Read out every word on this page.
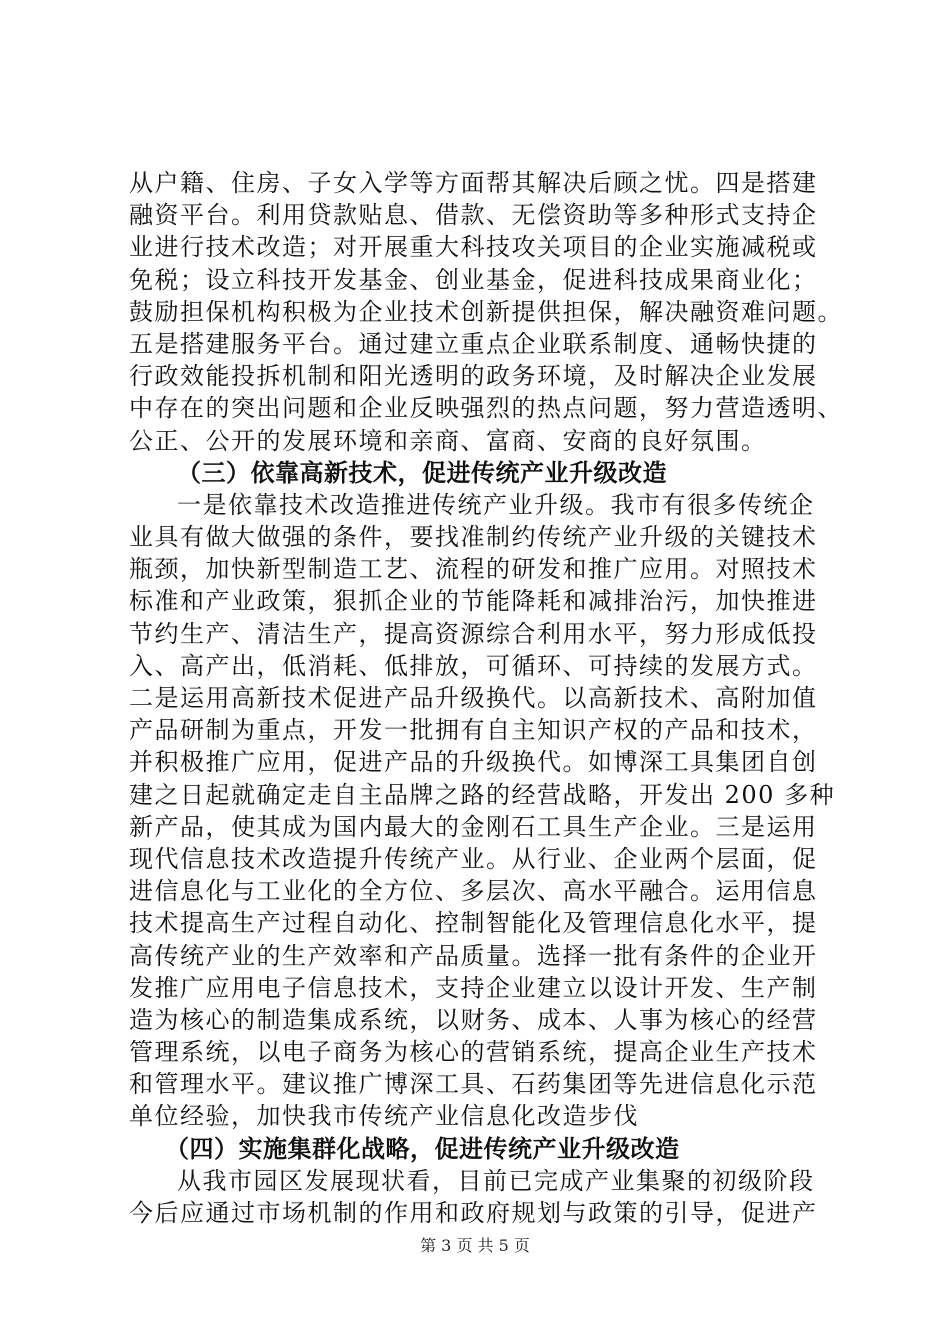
从户籍、住房、子女入学等方面帮其解决后顾之忧。四是搭建
融资平台。利用贷款贴息、借款、无偿资助等多种形式支持企
业进行技术改造；对开展重大科技攻关项目的企业实施减税或
免税；设立科技开发基金、创业基金，促进科技成果商业化；
鼓励担保机构积极为企业技术创新提供担保，解决融资难问题。
五是搭建服务平台。通过建立重点企业联系制度、通畅快捷的
行政效能投拆机制和阳光透明的政务环境，及时解决企业发展
中存在的突出问题和企业反映强烈的热点问题，努力营造透明、
公正、公开的发展环境和亲商、富商、安商的良好氛围。
（三）依靠高新技术，促进传统产业升级改造
一是依靠技术改造推进传统产业升级。我市有很多传统企
业具有做大做强的条件，要找准制约传统产业升级的关键技术
瓶颈，加快新型制造工艺、流程的研发和推广应用。对照技术
标准和产业政策，狠抓企业的节能降耗和减排治污，加快推进
节约生产、清洁生产，提高资源综合利用水平，努力形成低投
入、高产出，低消耗、低排放，可循环、可持续的发展方式。
二是运用高新技术促进产品升级换代。以高新技术、高附加值
产品研制为重点，开发一批拥有自主知识产权的产品和技术，
并积极推广应用，促进产品的升级换代。如博深工具集团自创
建之日起就确定走自主品牌之路的经营战略，开发出 200 多种
新产品，使其成为国内最大的金刚石工具生产企业。三是运用
现代信息技术改造提升传统产业。从行业、企业两个层面，促
进信息化与工业化的全方位、多层次、高水平融合。运用信息
技术提高生产过程自动化、控制智能化及管理信息化水平，提
高传统产业的生产效率和产品质量。选择一批有条件的企业开
发推广应用电子信息技术，支持企业建立以设计开发、生产制
造为核心的制造集成系统，以财务、成本、人事为核心的经营
管理系统，以电子商务为核心的营销系统，提高企业生产技术
和管理水平。建议推广博深工具、石药集团等先进信息化示范
单位经验，加快我市传统产业信息化改造步伐
（四）实施集群化战略，促进传统产业升级改造
从我市园区发展现状看，目前已完成产业集聚的初级阶段
今后应通过市场机制的作用和政府规划与政策的引导，促进产
第 3 页 共 5 页
